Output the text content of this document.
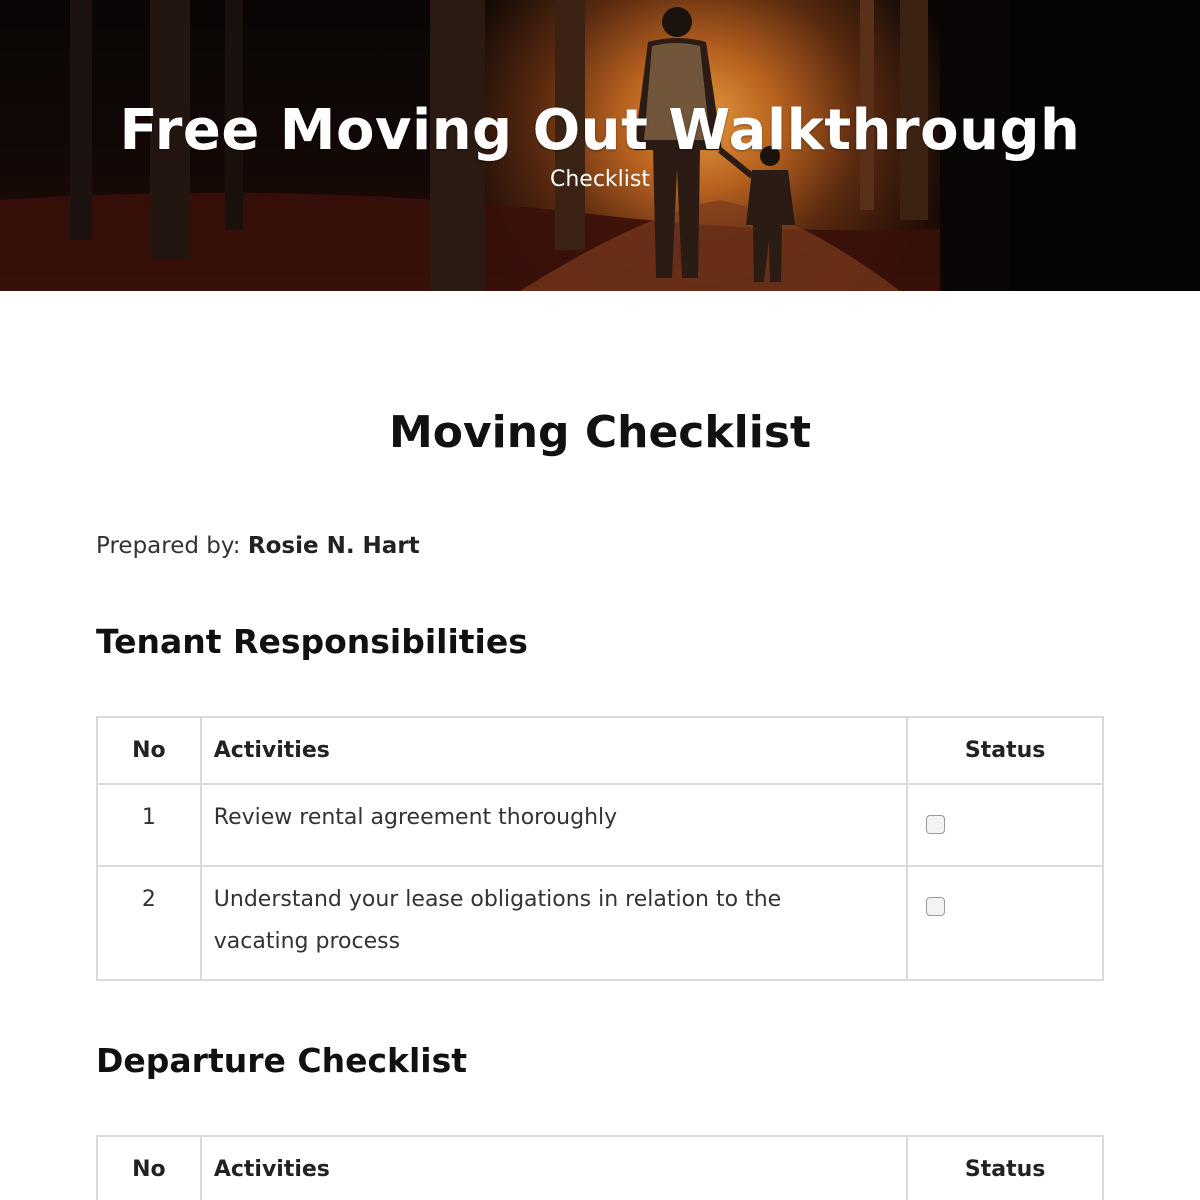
Free Moving Out Walkthrough
Checklist
Moving Checklist
Prepared by: Rosie N. Hart
Tenant Responsibilities
No	Activities	Status
1	Review rental agreement thoroughly	
2	Understand your lease obligations in relation to the vacating process	
Departure Checklist
No	Activities	Status
